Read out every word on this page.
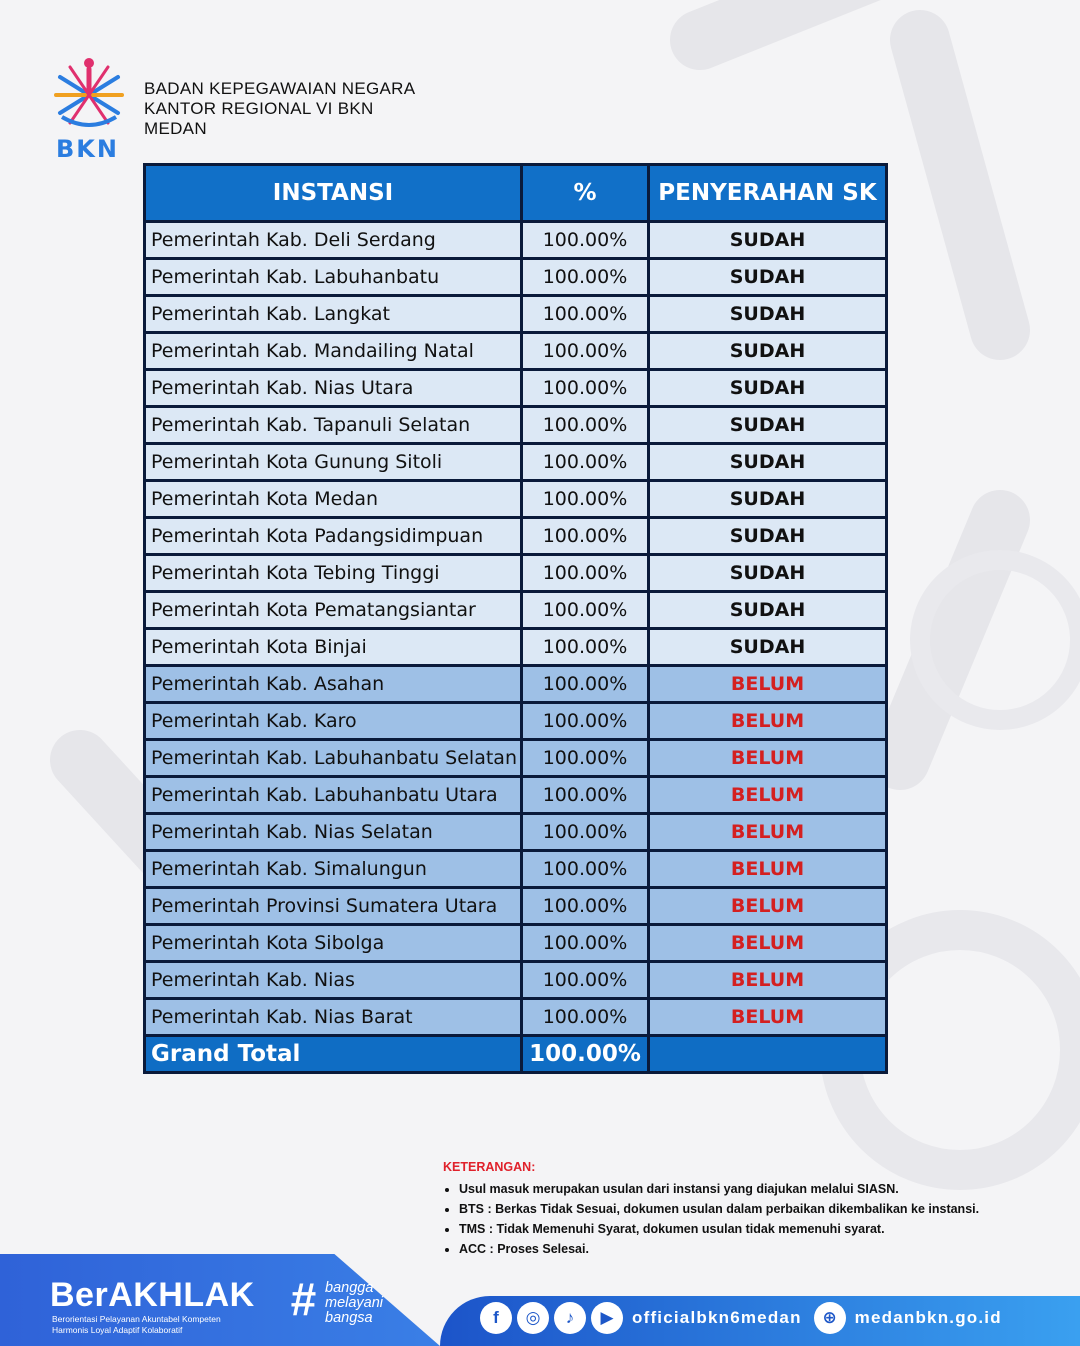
BKN
BADAN KEPEGAWAIAN NEGARA
KANTOR REGIONAL VI BKN
MEDAN
INSTANSI	%	PENYERAHAN SK
Pemerintah Kab. Deli Serdang	100.00%	SUDAH
Pemerintah Kab. Labuhanbatu	100.00%	SUDAH
Pemerintah Kab. Langkat	100.00%	SUDAH
Pemerintah Kab. Mandailing Natal	100.00%	SUDAH
Pemerintah Kab. Nias Utara	100.00%	SUDAH
Pemerintah Kab. Tapanuli Selatan	100.00%	SUDAH
Pemerintah Kota Gunung Sitoli	100.00%	SUDAH
Pemerintah Kota Medan	100.00%	SUDAH
Pemerintah Kota Padangsidimpuan	100.00%	SUDAH
Pemerintah Kota Tebing Tinggi	100.00%	SUDAH
Pemerintah Kota Pematangsiantar	100.00%	SUDAH
Pemerintah Kota Binjai	100.00%	SUDAH
Pemerintah Kab. Asahan	100.00%	BELUM
Pemerintah Kab. Karo	100.00%	BELUM
Pemerintah Kab. Labuhanbatu Selatan	100.00%	BELUM
Pemerintah Kab. Labuhanbatu Utara	100.00%	BELUM
Pemerintah Kab. Nias Selatan	100.00%	BELUM
Pemerintah Kab. Simalungun	100.00%	BELUM
Pemerintah Provinsi Sumatera Utara	100.00%	BELUM
Pemerintah Kota Sibolga	100.00%	BELUM
Pemerintah Kab. Nias	100.00%	BELUM
Pemerintah Kab. Nias Barat	100.00%	BELUM
Grand Total	100.00%	
KETERANGAN:
• Usul masuk merupakan usulan dari instansi yang diajukan melalui SIASN.
• BTS : Berkas Tidak Sesuai, dokumen usulan dalam perbaikan dikembalikan ke instansi.
• TMS : Tidak Memenuhi Syarat, dokumen usulan tidak memenuhi syarat.
• ACC : Proses Selesai.
BerAKHLAK
Berorientasi Pelayanan Akuntabel Kompeten
Harmonis Loyal Adaptif Kolaboratif
# bangga
melayani
bangsa	f	◎	♪	▶	officialbkn6medan	⊕	medanbkn.go.id
